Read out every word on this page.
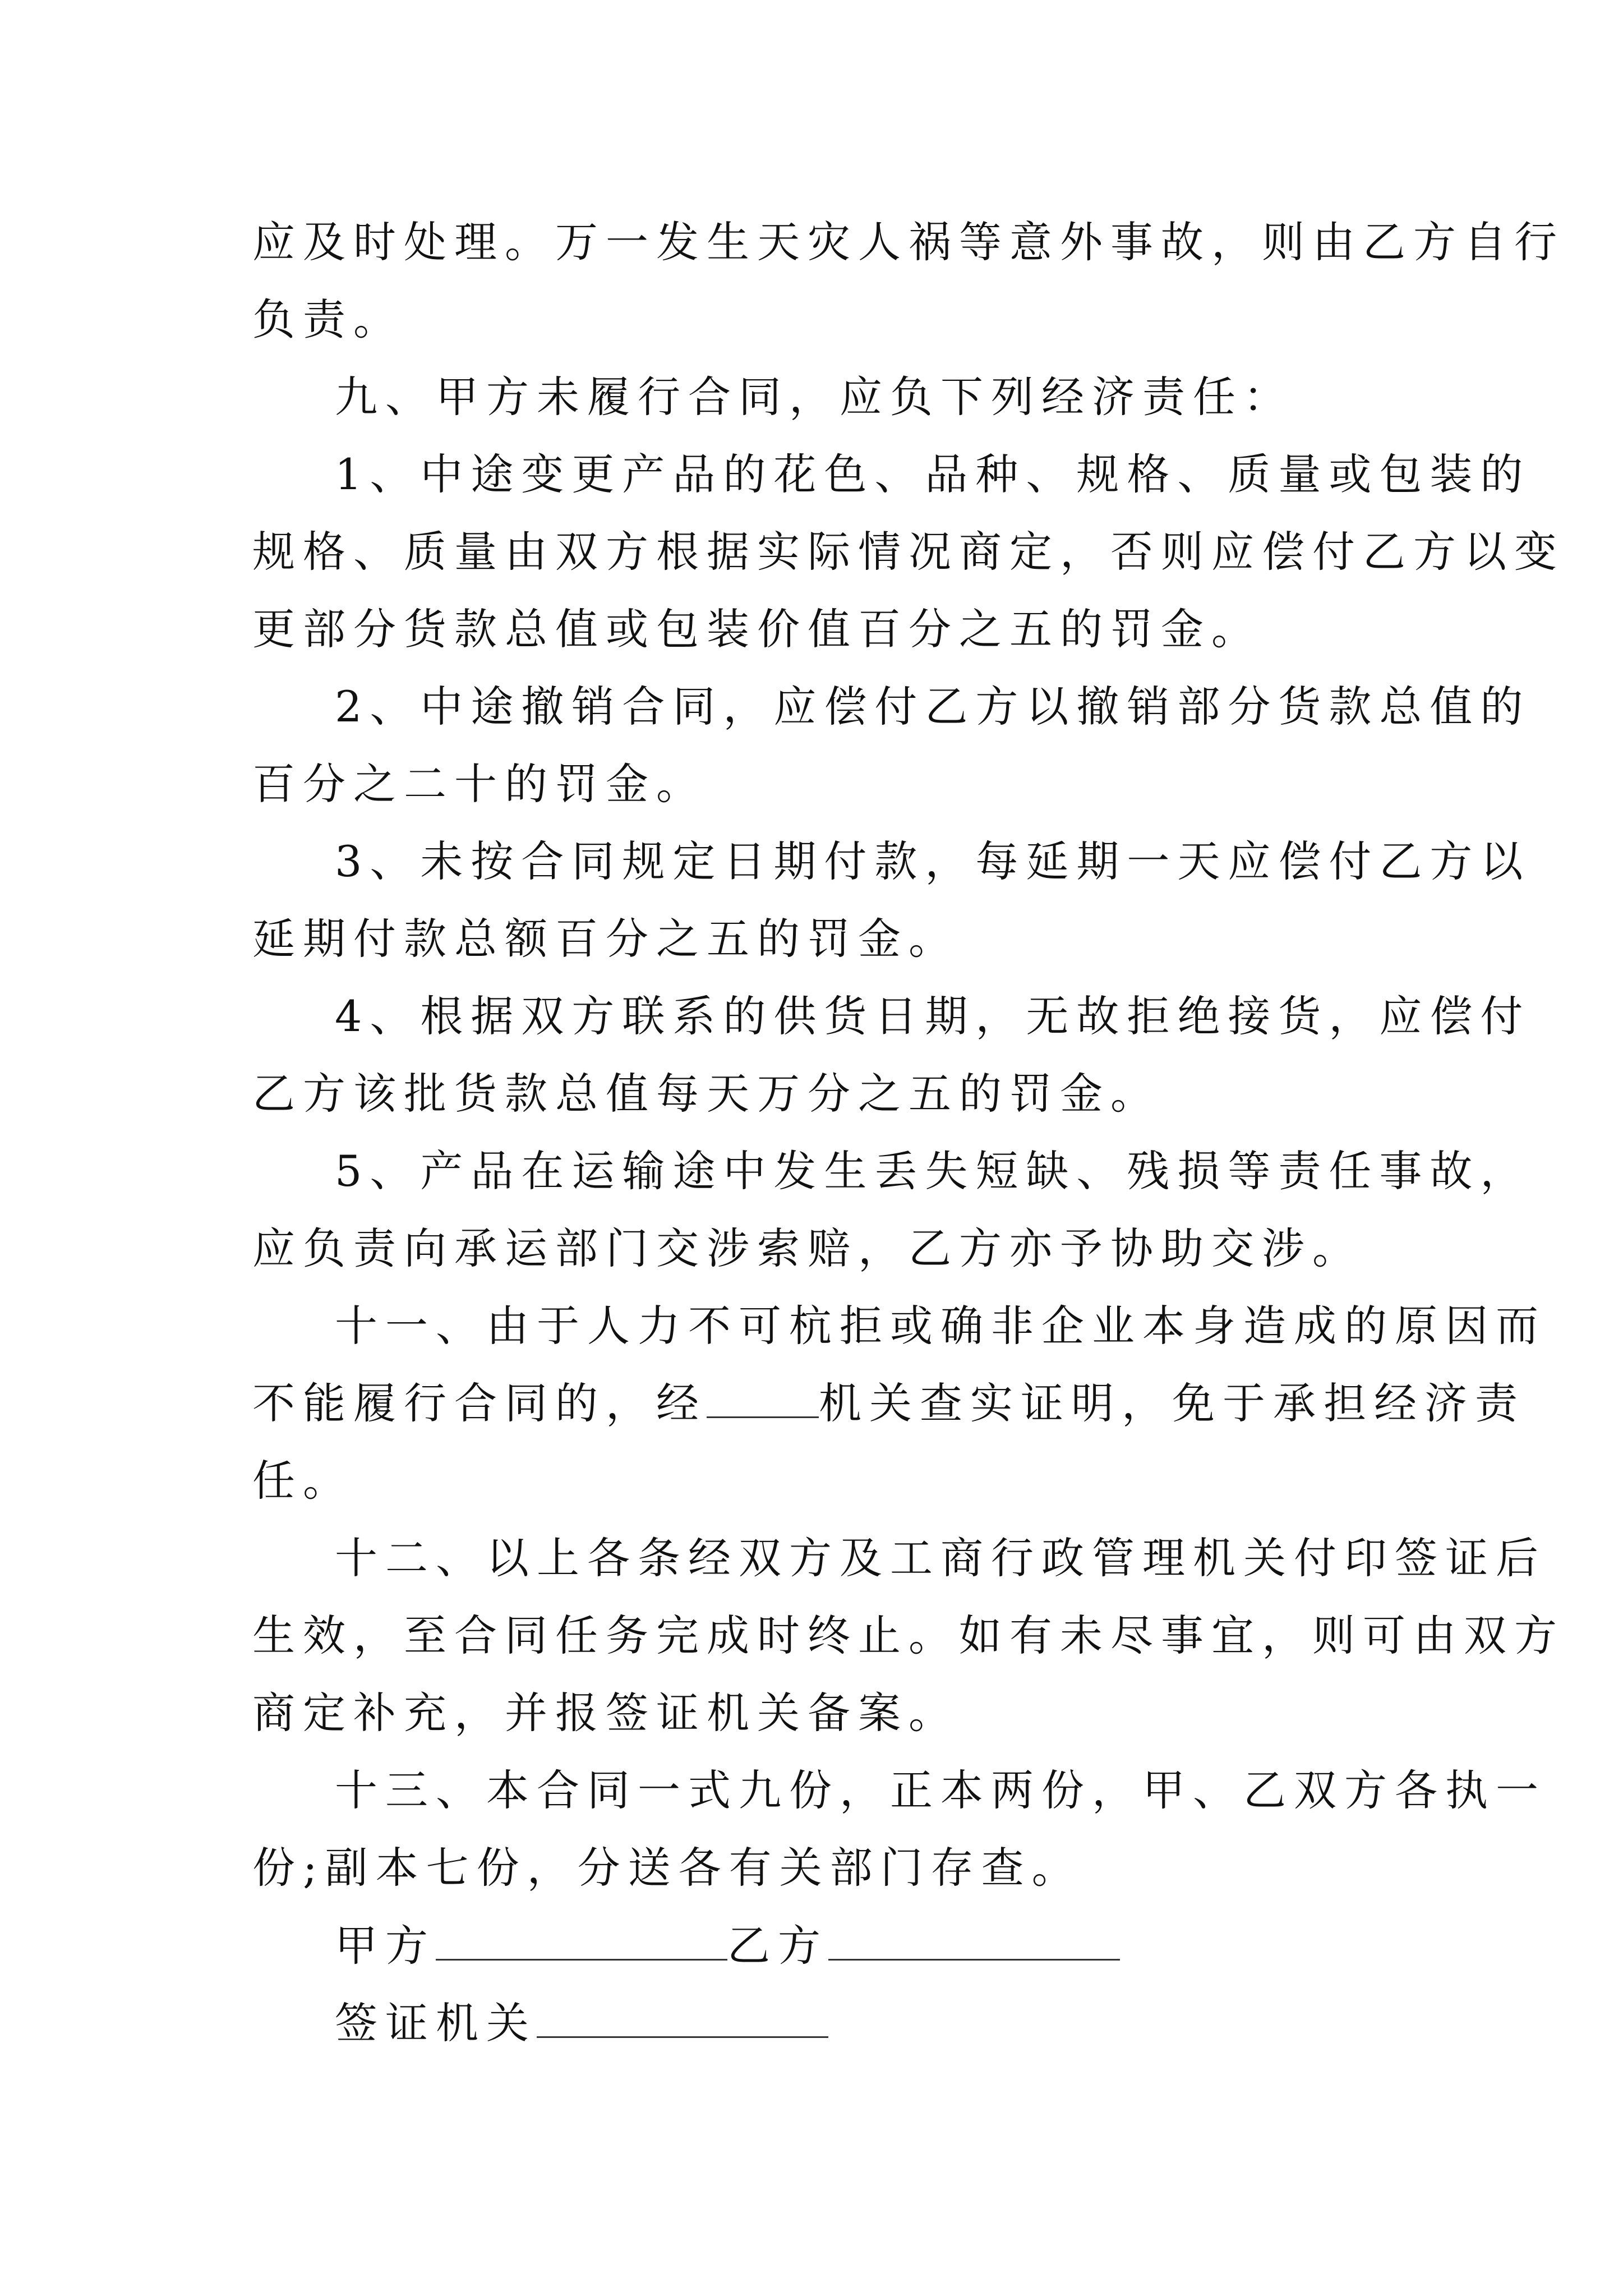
应及时处理。万一发生天灾人祸等意外事故，则由乙方自行
负责。
九、甲方未履行合同，应负下列经济责任：
1、中途变更产品的花色、品种、规格、质量或包装的
规格、质量由双方根据实际情况商定，否则应偿付乙方以变
更部分货款总值或包装价值百分之五的罚金。
2、中途撤销合同，应偿付乙方以撤销部分货款总值的
百分之二十的罚金。
3、未按合同规定日期付款，每延期一天应偿付乙方以
延期付款总额百分之五的罚金。
4、根据双方联系的供货日期，无故拒绝接货，应偿付
乙方该批货款总值每天万分之五的罚金。
5、产品在运输途中发生丢失短缺、残损等责任事故，
应负责向承运部门交涉索赔，乙方亦予协助交涉。
十一、由于人力不可杭拒或确非企业本身造成的原因而
不能履行合同的，经	机关查实证明，免于承担经济责
任。
十二、以上各条经双方及工商行政管理机关付印签证后
生效，至合同任务完成时终止。如有未尽事宜，则可由双方
商定补充，并报签证机关备案。
十三、本合同一式九份，正本两份，甲、乙双方各执一
份;副本七份，分送各有关部门存查。
甲方	乙方
签证机关
